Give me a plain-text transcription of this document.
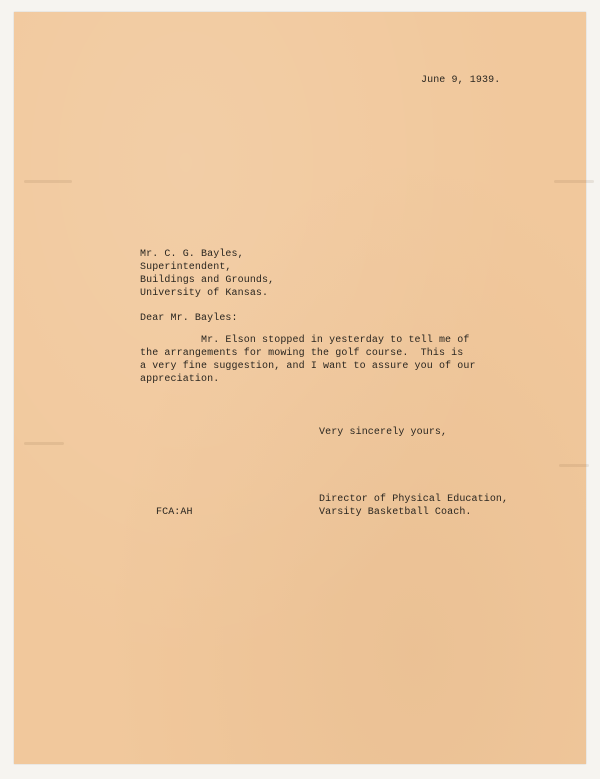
June 9, 1939.
Mr. C. G. Bayles,
Superintendent,
Buildings and Grounds,
University of Kansas.
Dear Mr. Bayles:
Mr. Elson stopped in yesterday to tell me of
the arrangements for mowing the golf course.  This is
a very fine suggestion, and I want to assure you of our
appreciation.
Very sincerely yours,
Director of Physical Education,
Varsity Basketball Coach.
FCA:AH
